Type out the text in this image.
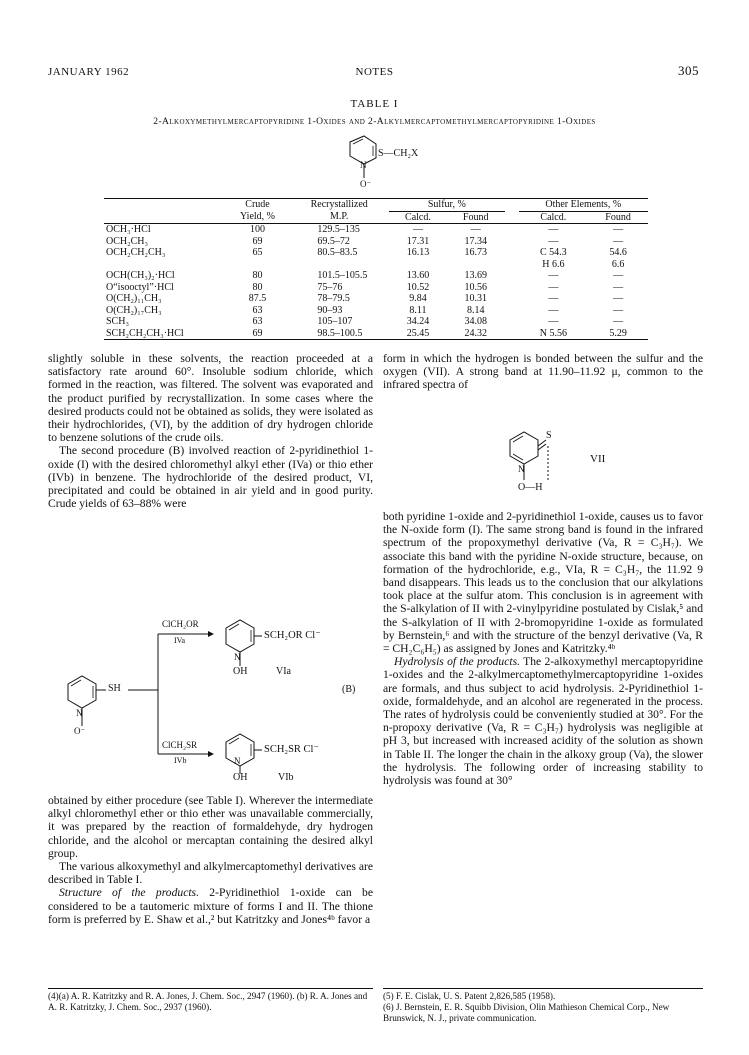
JANUARY 1962	NOTES	305
TABLE I
2-Alkoxymethylmercaptopyridine 1-Oxides and 2-Alkylmercaptomethylmercaptopyridine 1-Oxides
S—CH₂X
N
O⁻
	Crude	Recrystallized	Sulfur, %			Other Elements, %	
	Yield, %	M.P.	Calcd.	Found		Calcd.	Found
OCH₃·HCl	100	129.5–135	—	—		—	—
OCH₂CH₃	69	69.5–72	17.31	17.34		—	—
OCH₂CH₂CH₃	65	80.5–83.5	16.13	16.73		C 54.3	54.6
						H 6.6	6.6
OCH(CH₃)₂·HCl	80	101.5–105.5	13.60	13.69		—	—
O“isooctyl”·HCl	80	75–76	10.52	10.56		—	—
O(CH₂)₁₁CH₃	87.5	78–79.5	9.84	10.31		—	—
O(CH₂)₁₇CH₃	63	90–93	8.11	8.14		—	—
SCH₃	63	105–107	34.24	34.08		—	—
SCH₂CH₂CH₃·HCl	69	98.5–100.5	25.45	24.32		N 5.56	5.29

slightly soluble in these solvents, the reaction proceeded at a satisfactory rate around 60°. Insoluble sodium chloride, which formed in the reaction, was filtered. The solvent was evaporated and the product purified by recrystallization. In some cases where the desired products could not be obtained as solids, they were isolated as their hydrochlorides, (VI), by the addition of dry hydrogen chloride to benzene solutions of the crude oils.

The second procedure (B) involved reaction of 2-pyridinethiol 1-oxide (I) with the desired chloromethyl alkyl ether (IVa) or thio ether (IVb) in benzene. The hydrochloride of the desired product, VI, precipitated and could be obtained in air yield and in good purity. Crude yields of 63–88% were

ClCH₂OR
IVa	SCH₂OR Cl⁻
N
OH	VIa
SH
N
O⁻
(B)
ClCH₂SR
IVb
SCH₂SR Cl⁻
N
OH	VIb

obtained by either procedure (see Table I). Wherever the intermediate alkyl chloromethyl ether or thio ether was unavailable commercially, it was prepared by the reaction of formaldehyde, dry hydrogen chloride, and the alcohol or mercaptan containing the desired alkyl group.

The various alkoxymethyl and alkylmercaptomethyl derivatives are described in Table I.

Structure of the products. 2-Pyridinethiol 1-oxide can be considered to be a tautomeric mixture of forms I and II. The thione form is preferred by E. Shaw et al.,² but Katritzky and Jones⁴ᵇ favor a

(4)(a) A. R. Katritzky and R. A. Jones, J. Chem. Soc., 2947 (1960). (b) R. A. Jones and A. R. Katritzky, J. Chem. Soc., 2937 (1960).

form in which the hydrogen is bonded between the sulfur and the oxygen (VII). A strong band at 11.90–11.92 μ, common to the infrared spectra of

S
N
O—H
VII

both pyridine 1-oxide and 2-pyridinethiol 1-oxide, causes us to favor the N-oxide form (I). The same strong band is found in the infrared spectrum of the propoxymethyl derivative (Va, R = C₃H₇). We associate this band with the pyridine N-oxide structure, because, on formation of the hydrochloride, e.g., VIa, R = C₃H₇, the 11.92 9 band disappears. This leads us to the conclusion that our alkylations took place at the sulfur atom. This conclusion is in agreement with the S-alkylation of II with 2-vinylpyridine postulated by Cislak,⁵ and the S-alkylation of II with 2-bromopyridine 1-oxide as formulated by Bernstein,⁶ and with the structure of the benzyl derivative (Va, R = CH₂C₆H₅) as assigned by Jones and Katritzky.⁴ᵇ

Hydrolysis of the products. The 2-alkoxymethyl mercaptopyridine 1-oxides and the 2-alkylmercaptomethylmercaptopyridine 1-oxides are formals, and thus subject to acid hydrolysis. 2-Pyridinethiol 1-oxide, formaldehyde, and an alcohol are regenerated in the process. The rates of hydrolysis could be conveniently studied at 30°. For the n-propoxy derivative (Va, R = C₃H₇) hydrolysis was negligible at pH 3, but increased with increased acidity of the solution as shown in Table II. The longer the chain in the alkoxy group (Va), the slower the hydrolysis. The following order of increasing stability to hydrolysis was found at 30°

(5) F. E. Cislak, U. S. Patent 2,826,585 (1958).
(6) J. Bernstein, E. R. Squibb Division, Olin Mathieson Chemical Corp., New Brunswick, N. J., private communication.
